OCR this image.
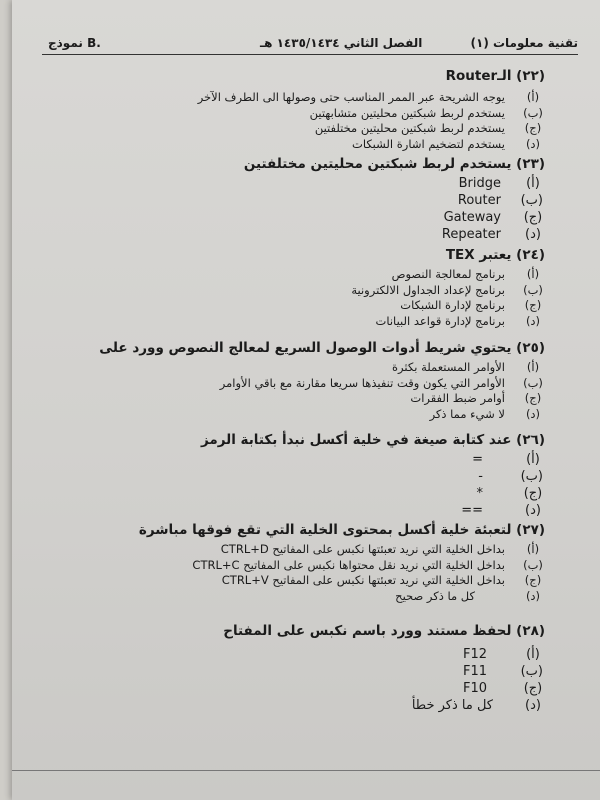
تقنية معلومات (١)
الفصل الثاني ١٤٣٥/١٤٣٤ هـ
نموذج B.
(٢٢) الـRouter
(أ)
يوجه الشريحة عبر الممر المناسب حتى وصولها الى الطرف الآخر
(ب)
يستخدم لربط شبكتين محليتين متشابهتين
(ج)
يستخدم لربط شبكتين محليتين مختلفتين
(د)
يستخدم لتضخيم اشارة الشبكات
(٢٣) يستخدم لربط شبكتين محليتين مختلفتين
(أ)
Bridge
(ب)
Router
(ج)
Gateway
(د)
Repeater
(٢٤) يعتبر TEX
(أ)
برنامج لمعالجة النصوص
(ب)
برنامج لإعداد الجداول الالكترونية
(ج)
برنامج لإدارة الشبكات
(د)
برنامج لإدارة قواعد البيانات
(٢٥) يحتوي شريط أدوات الوصول السريع لمعالج النصوص وورد على
(أ)
الأوامر المستعملة بكثرة
(ب)
الأوامر التي يكون وقت تنفيذها سريعا مقارنة مع باقي الأوامر
(ج)
أوامر ضبط الفقرات
(د)
لا شيء مما ذكر
(٢٦) عند كتابة صيغة في خلية أكسل نبدأ بكتابة الرمز
(أ)
=
(ب)
-
(ج)
*
(د)
==
(٢٧) لتعبئة خلية أكسل بمحتوى الخلية التي تقع فوقها مباشرة
(أ)
بداخل الخلية التي نريد تعبئتها نكبس على المفاتيح CTRL+D
(ب)
بداخل الخلية التي نريد نقل محتواها نكبس على المفاتيح CTRL+C
(ج)
بداخل الخلية التي نريد تعبئتها نكبس على المفاتيح CTRL+V
(د)
كل ما ذكر صحيح
(٢٨) لحفظ مستند وورد باسم نكبس على المفتاح
(أ)
F12
(ب)
F11
(ج)
F10
(د)
كل ما ذكر خطأ
